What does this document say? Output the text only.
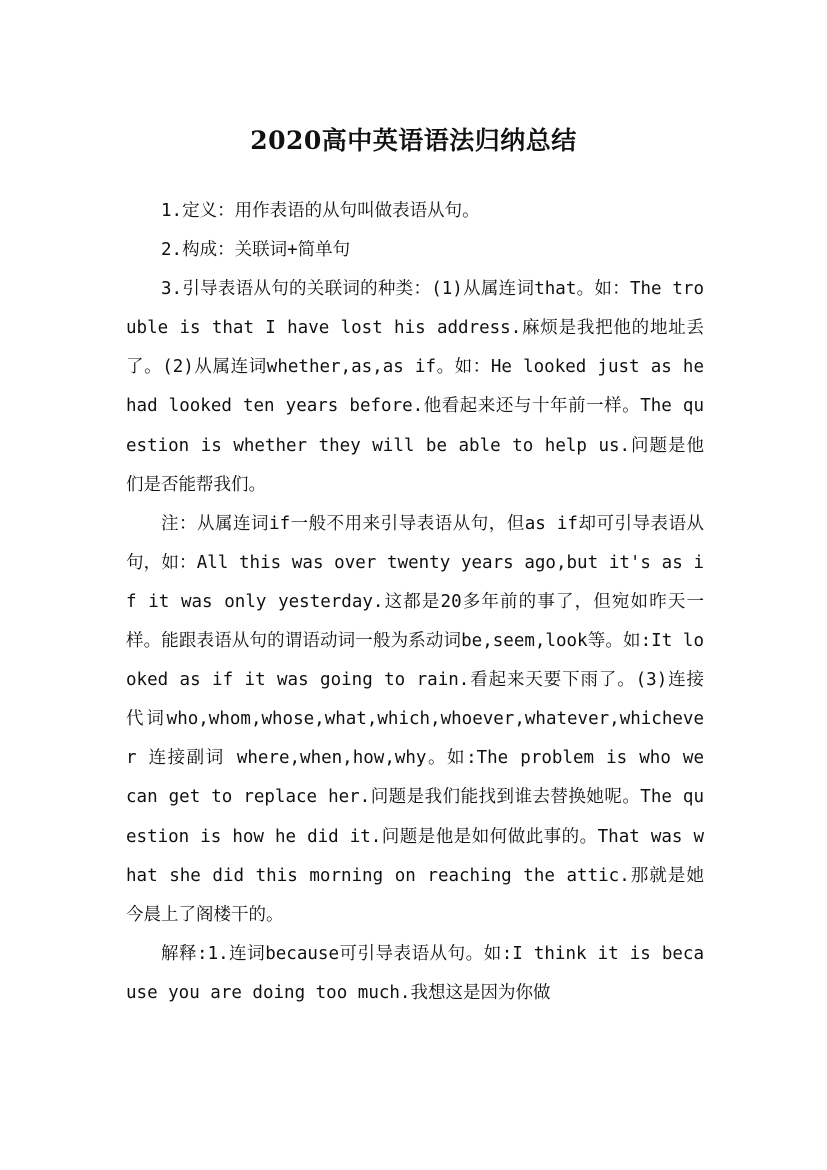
2020高中英语语法归纳总结

1.定义：用作表语的从句叫做表语从句。

2.构成：关联词+简单句

3.引导表语从句的关联词的种类：(1)从属连词that。如：The trouble is that I have lost his address.麻烦是我把他的地址丢了。(2)从属连词whether,as,as if。如：He looked just as he had looked ten years before.他看起来还与十年前一样。The question is whether they will be able to help us.问题是他们是否能帮我们。

注：从属连词if一般不用来引导表语从句，但as if却可引导表语从句，如：All this was over twenty years ago,but it's as if it was only yesterday.这都是20多年前的事了，但宛如昨天一样。能跟表语从句的谓语动词一般为系动词be,seem,look等。如:It looked as if it was going to rain.看起来天要下雨了。(3)连接代词who,whom,whose,what,which,whoever,whatever,whichever 连接副词 where,when,how,why。如:The problem is who we can get to replace her.问题是我们能找到谁去替换她呢。The question is how he did it.问题是他是如何做此事的。That was what she did this morning on reaching the attic.那就是她今晨上了阁楼干的。

解释:1.连词because可引导表语从句。如:I think it is because you are doing too much.我想这是因为你做
